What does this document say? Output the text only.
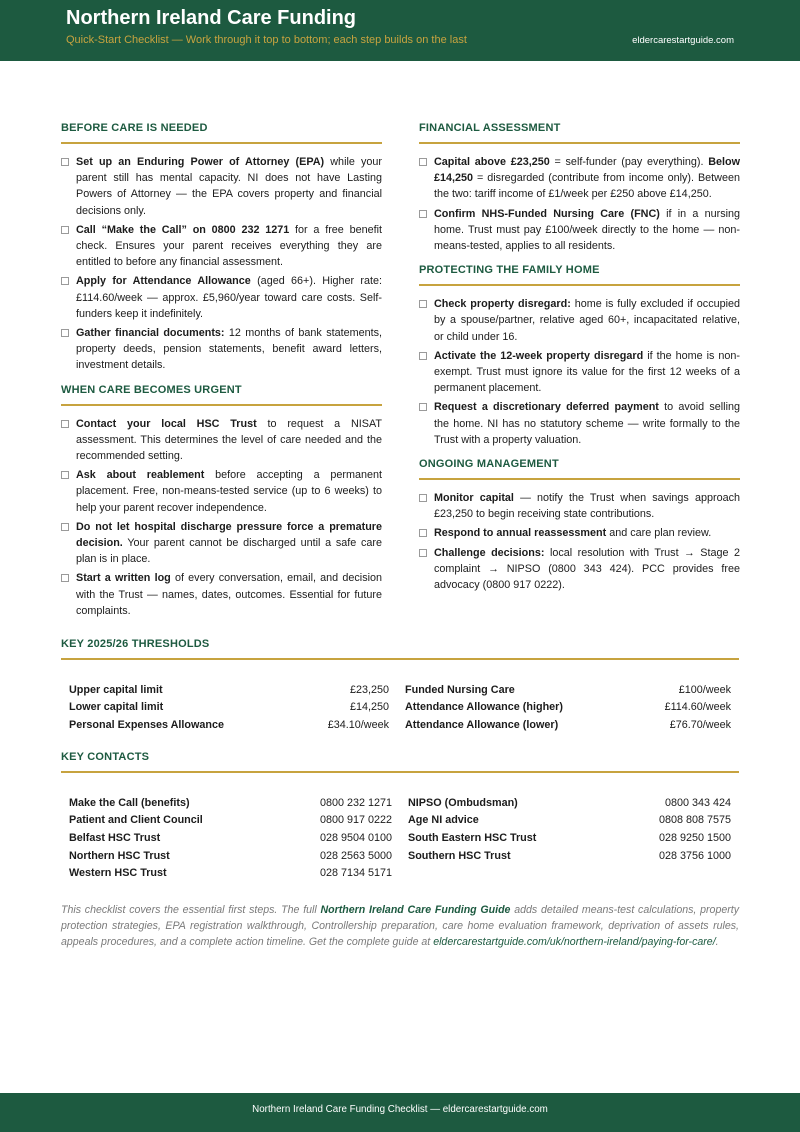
Northern Ireland Care Funding
Quick-Start Checklist — Work through it top to bottom; each step builds on the last	eldercarestartguide.com
BEFORE CARE IS NEEDED
Set up an Enduring Power of Attorney (EPA) while your parent still has mental capacity. NI does not have Lasting Powers of Attorney — the EPA covers property and financial decisions only.
Call “Make the Call” on 0800 232 1271 for a free benefit check. Ensures your parent receives everything they are entitled to before any financial assessment.
Apply for Attendance Allowance (aged 66+). Higher rate: £114.60/week — approx. £5,960/year toward care costs. Self-funders keep it indefinitely.
Gather financial documents: 12 months of bank statements, property deeds, pension statements, benefit award letters, investment details.
WHEN CARE BECOMES URGENT
Contact your local HSC Trust to request a NISAT assessment. This determines the level of care needed and the recommended setting.
Ask about reablement before accepting a permanent placement. Free, non-means-tested service (up to 6 weeks) to help your parent recover independence.
Do not let hospital discharge pressure force a premature decision. Your parent cannot be discharged until a safe care plan is in place.
Start a written log of every conversation, email, and decision with the Trust — names, dates, outcomes. Essential for future complaints.
FINANCIAL ASSESSMENT
Capital above £23,250 = self-funder (pay everything). Below £14,250 = disregarded (contribute from income only). Between the two: tariff income of £1/week per £250 above £14,250.
Confirm NHS-Funded Nursing Care (FNC) if in a nursing home. Trust must pay £100/week directly to the home — non-means-tested, applies to all residents.
PROTECTING THE FAMILY HOME
Check property disregard: home is fully excluded if occupied by a spouse/partner, relative aged 60+, incapacitated relative, or child under 16.
Activate the 12-week property disregard if the home is non-exempt. Trust must ignore its value for the first 12 weeks of a permanent placement.
Request a discretionary deferred payment to avoid selling the home. NI has no statutory scheme — write formally to the Trust with a property valuation.
ONGOING MANAGEMENT
Monitor capital — notify the Trust when savings approach £23,250 to begin receiving state contributions.
Respond to annual reassessment and care plan review.
Challenge decisions: local resolution with Trust → Stage 2 complaint → NIPSO (0800 343 424). PCC provides free advocacy (0800 917 0222).
KEY 2025/26 THRESHOLDS
Upper capital limit	£23,250		Funded Nursing Care	£100/week
Lower capital limit	£14,250		Attendance Allowance (higher)	£114.60/week
Personal Expenses Allowance	£34.10/week		Attendance Allowance (lower)	£76.70/week
KEY CONTACTS
Make the Call (benefits)	0800 232 1271		NIPSO (Ombudsman)	0800 343 424
Patient and Client Council	0800 917 0222		Age NI advice	0808 808 7575
Belfast HSC Trust	028 9504 0100		South Eastern HSC Trust	028 9250 1500
Northern HSC Trust	028 2563 5000		Southern HSC Trust	028 3756 1000
Western HSC Trust	028 7134 5171			
This checklist covers the essential first steps. The full Northern Ireland Care Funding Guide adds detailed means-test calculations, property protection strategies, EPA registration walkthrough, Controllership preparation, care home evaluation framework, deprivation of assets rules, appeals procedures, and a complete action timeline. Get the complete guide at eldercarestartguide.com/uk/northern-ireland/paying-for-care/.
Northern Ireland Care Funding Checklist — eldercarestartguide.com
